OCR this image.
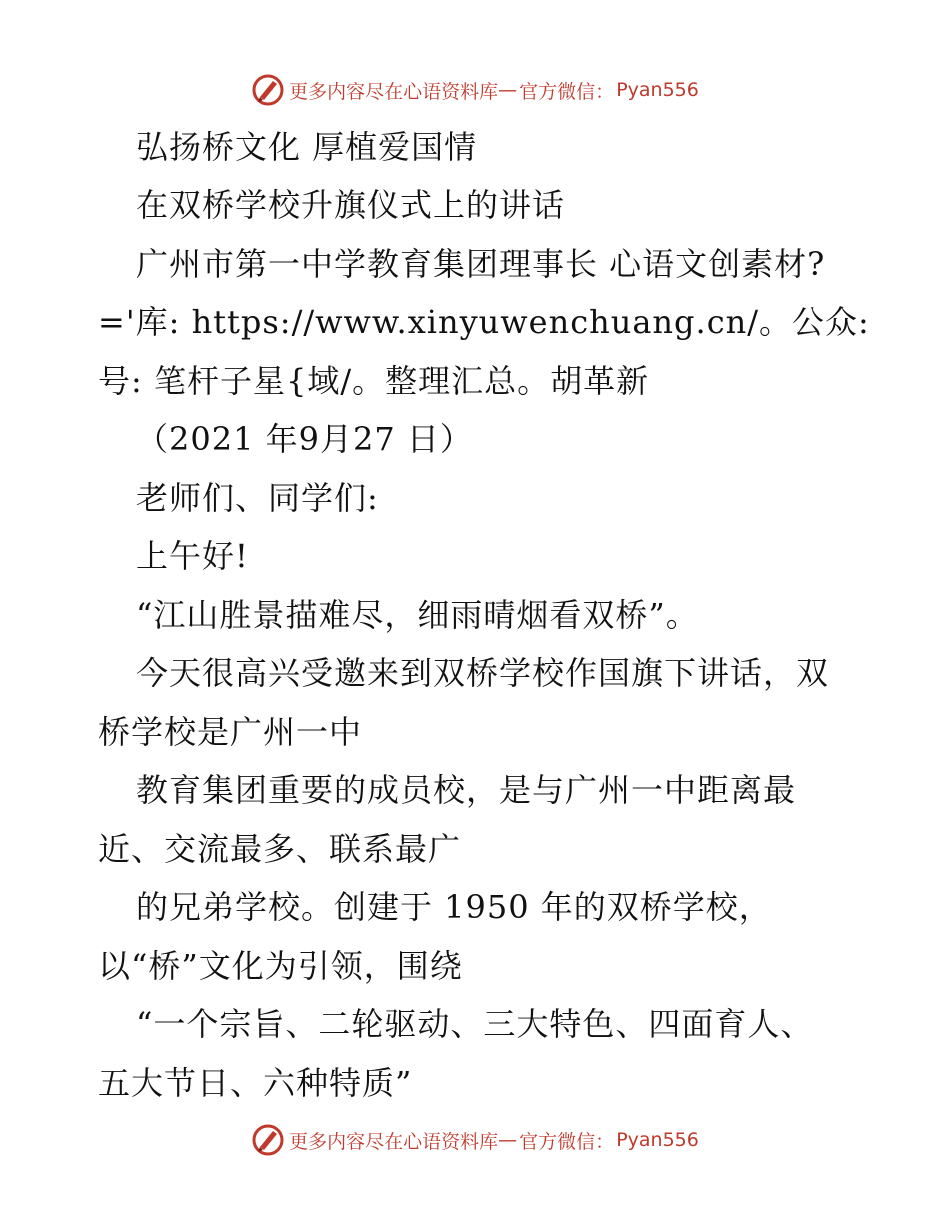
更多内容尽在心语资料库 — 官方微信： Pyan556
弘扬桥文化 厚植爱国情
在双桥学校升旗仪式上的讲话
广州市第一中学教育集团理事长 心语文创素材?
='库: https://www.xinyuwenchuang.cn/。公众:
号: 笔杆子星{域/。整理汇总。胡革新
（2021 年9月27 日）
老师们、同学们:
上午好!
“江山胜景描难尽，细雨晴烟看双桥”。
今天很高兴受邀来到双桥学校作国旗下讲话，双
桥学校是广州一中
教育集团重要的成员校，是与广州一中距离最
近、交流最多、联系最广
的兄弟学校。创建于 1950 年的双桥学校，
以“桥”文化为引领，围绕
“一个宗旨、二轮驱动、三大特色、四面育人、
五大节日、六种特质”
更多内容尽在心语资料库 — 官方微信： Pyan556
